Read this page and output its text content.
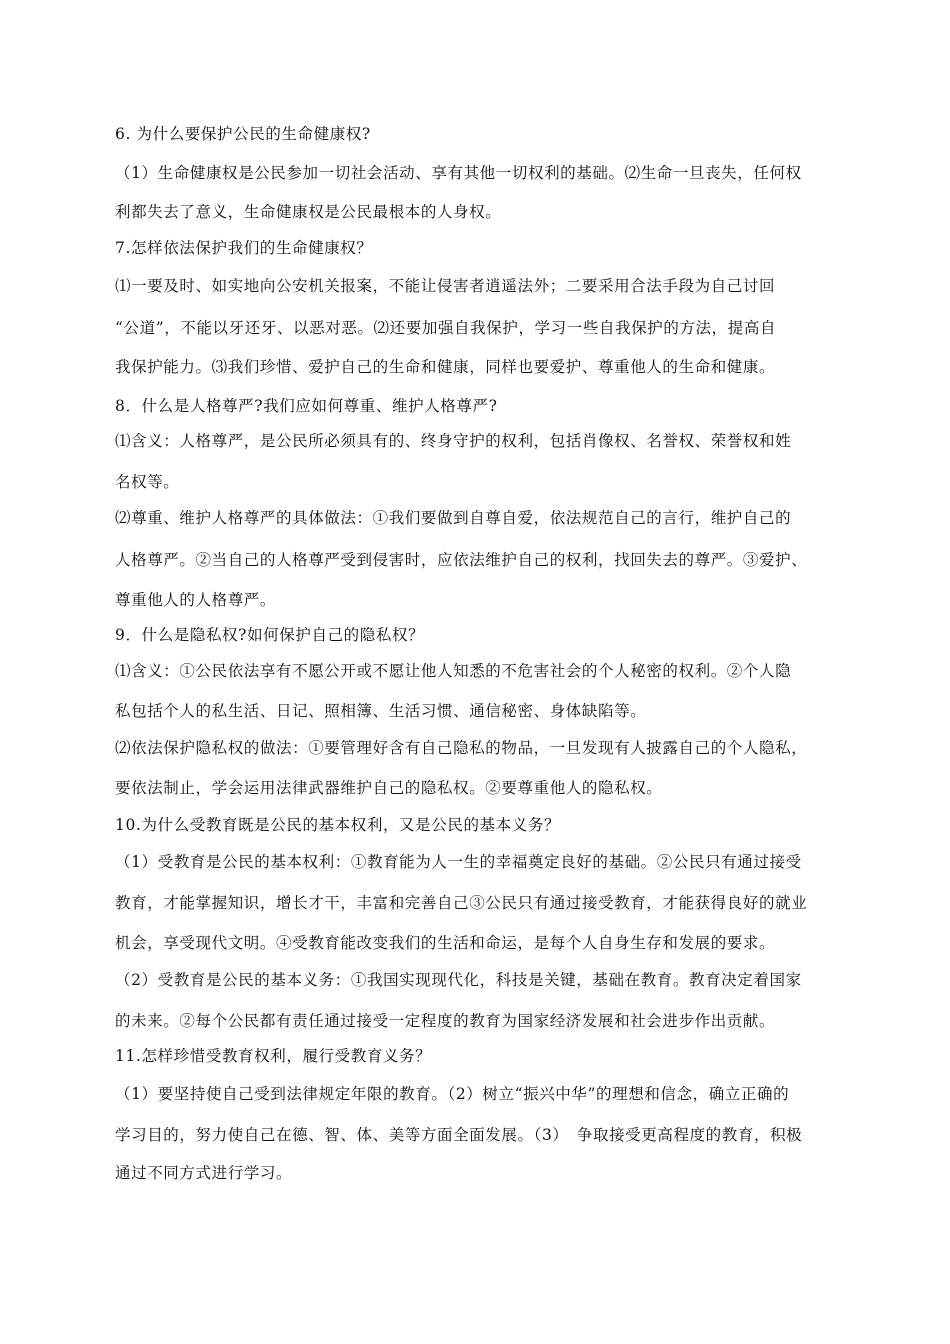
6. 为什么要保护公民的生命健康权?
（1）生命健康权是公民参加一切社会活动、享有其他一切权利的基础。⑵生命一旦丧失，任何权
利都失去了意义，生命健康权是公民最根本的人身权。
7.怎样依法保护我们的生命健康权？
⑴一要及时、如实地向公安机关报案，不能让侵害者逍遥法外；二要采用合法手段为自己讨回
“公道”，不能以牙还牙、以恶对恶。⑵还要加强自我保护，学习一些自我保护的方法，提高自
我保护能力。⑶我们珍惜、爱护自己的生命和健康，同样也要爱护、尊重他人的生命和健康。
8．什么是人格尊严?我们应如何尊重、维护人格尊严?
⑴含义：人格尊严，是公民所必须具有的、终身守护的权利，包括肖像权、名誉权、荣誉权和姓
名权等。
⑵尊重、维护人格尊严的具体做法：①我们要做到自尊自爱，依法规范自己的言行，维护自己的
人格尊严。②当自己的人格尊严受到侵害时，应依法维护自己的权利，找回失去的尊严。③爱护、
尊重他人的人格尊严。
9．什么是隐私权?如何保护自己的隐私权？
⑴含义：①公民依法享有不愿公开或不愿让他人知悉的不危害社会的个人秘密的权利。②个人隐
私包括个人的私生活、日记、照相簿、生活习惯、通信秘密、身体缺陷等。
⑵依法保护隐私权的做法：①要管理好含有自己隐私的物品，一旦发现有人披露自己的个人隐私，
要依法制止，学会运用法律武器维护自己的隐私权。②要尊重他人的隐私权。
10.为什么受教育既是公民的基本权利，又是公民的基本义务？
（1）受教育是公民的基本权利：①教育能为人一生的幸福奠定良好的基础。②公民只有通过接受
教育，才能掌握知识，增长才干，丰富和完善自己③公民只有通过接受教育，才能获得良好的就业
机会，享受现代文明。④受教育能改变我们的生活和命运，是每个人自身生存和发展的要求。
（2）受教育是公民的基本义务：①我国实现现代化，科技是关键，基础在教育。教育决定着国家
的未来。②每个公民都有责任通过接受一定程度的教育为国家经济发展和社会进步作出贡献。
11.怎样珍惜受教育权利，履行受教育义务？
（1）要坚持使自己受到法律规定年限的教育。（2）树立“振兴中华”的理想和信念，确立正确的
学习目的，努力使自己在德、智、体、美等方面全面发展。（3）　争取接受更高程度的教育，积极
通过不同方式进行学习。
